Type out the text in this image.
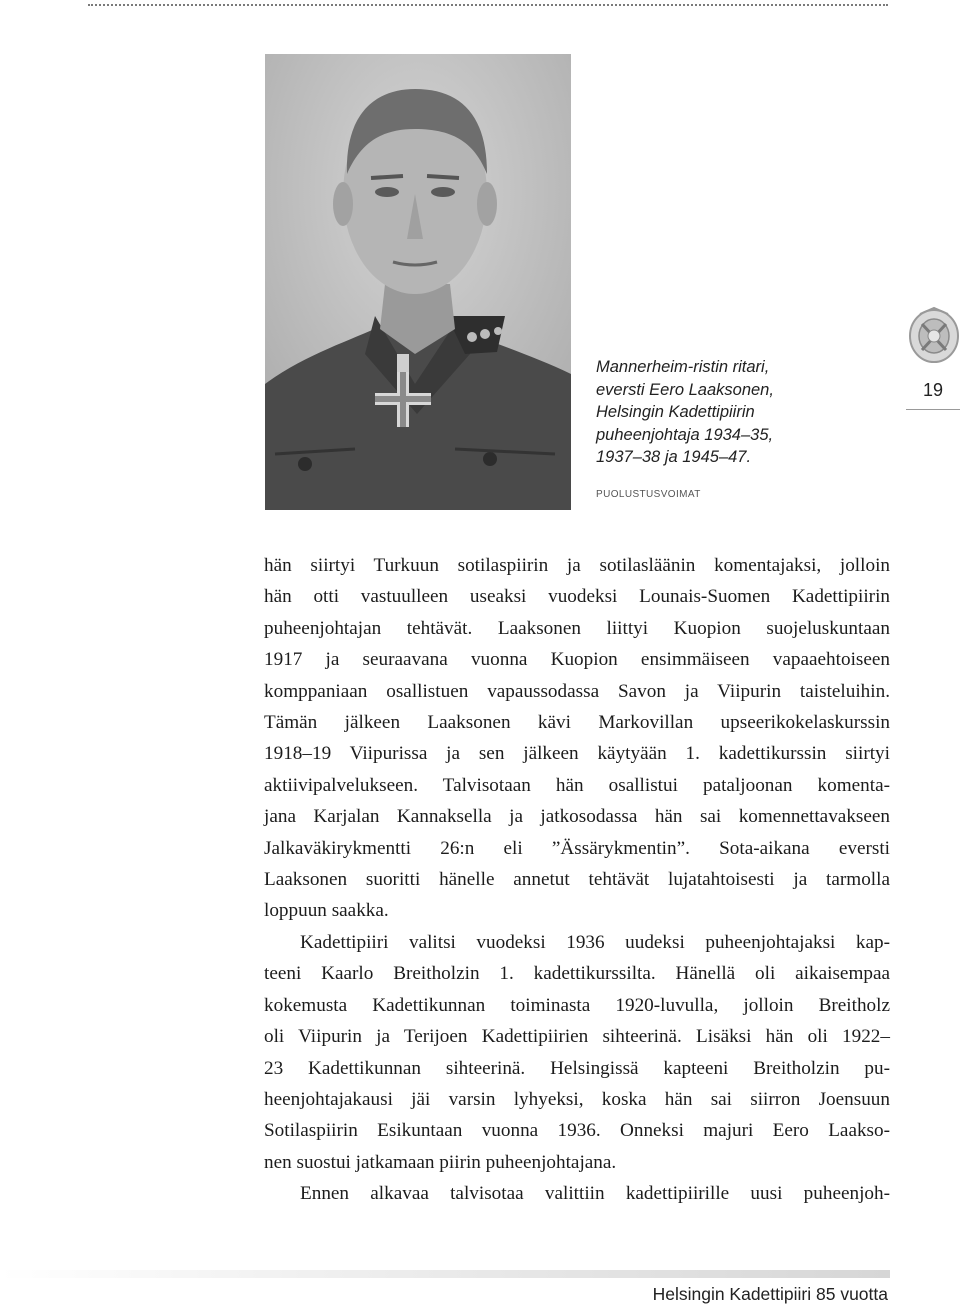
Mannerheim-ristin ritari,
eversti Eero Laaksonen,
Helsingin Kadettipiirin
puheenjohtaja 1934–35,
1937–38 ja 1945–47.
PUOLUSTUSVOIMAT
19

hän siirtyi Turkuun sotilaspiirin ja sotilasläänin komentajaksi, jolloin
hän otti vastuulleen useaksi vuodeksi Lounais-Suomen Kadettipiirin
puheenjohtajan tehtävät. Laaksonen liittyi Kuopion suojeluskuntaan
1917 ja seuraavana vuonna Kuopion ensimmäiseen vapaaehtoiseen
komppaniaan osallistuen vapaussodassa Savon ja Viipurin taisteluihin.
Tämän jälkeen Laaksonen kävi Markovillan upseerikokelaskurssin
1918–19 Viipurissa ja sen jälkeen käytyään 1. kadettikurssin siirtyi
aktiivipalvelukseen. Talvisotaan hän osallistui pataljoonan komenta-
jana Karjalan Kannaksella ja jatkosodassa hän sai komennettavakseen
Jalkaväkirykmentti 26:n eli ”Ässärykmentin”. Sota-aikana eversti
Laaksonen suoritti hänelle annetut tehtävät lujatahtoisesti ja tarmolla
loppuun saakka.

Kadettipiiri valitsi vuodeksi 1936 uudeksi puheenjohtajaksi kap-
teeni Kaarlo Breitholzin 1. kadettikurssilta. Hänellä oli aikaisempaa
kokemusta Kadettikunnan toiminasta 1920-luvulla, jolloin Breitholz
oli Viipurin ja Terijoen Kadettipiirien sihteerinä. Lisäksi hän oli 1922–
23 Kadettikunnan sihteerinä. Helsingissä kapteeni Breitholzin pu-
heenjohtajakausi jäi varsin lyhyeksi, koska hän sai siirron Joensuun
Sotilaspiirin Esikuntaan vuonna 1936. Onneksi majuri Eero Laakso-
nen suostui jatkamaan piirin puheenjohtajana.

Ennen alkavaa talvisotaa valittiin kadettipiirille uusi puheenjoh-

Helsingin Kadettipiiri 85 vuotta
